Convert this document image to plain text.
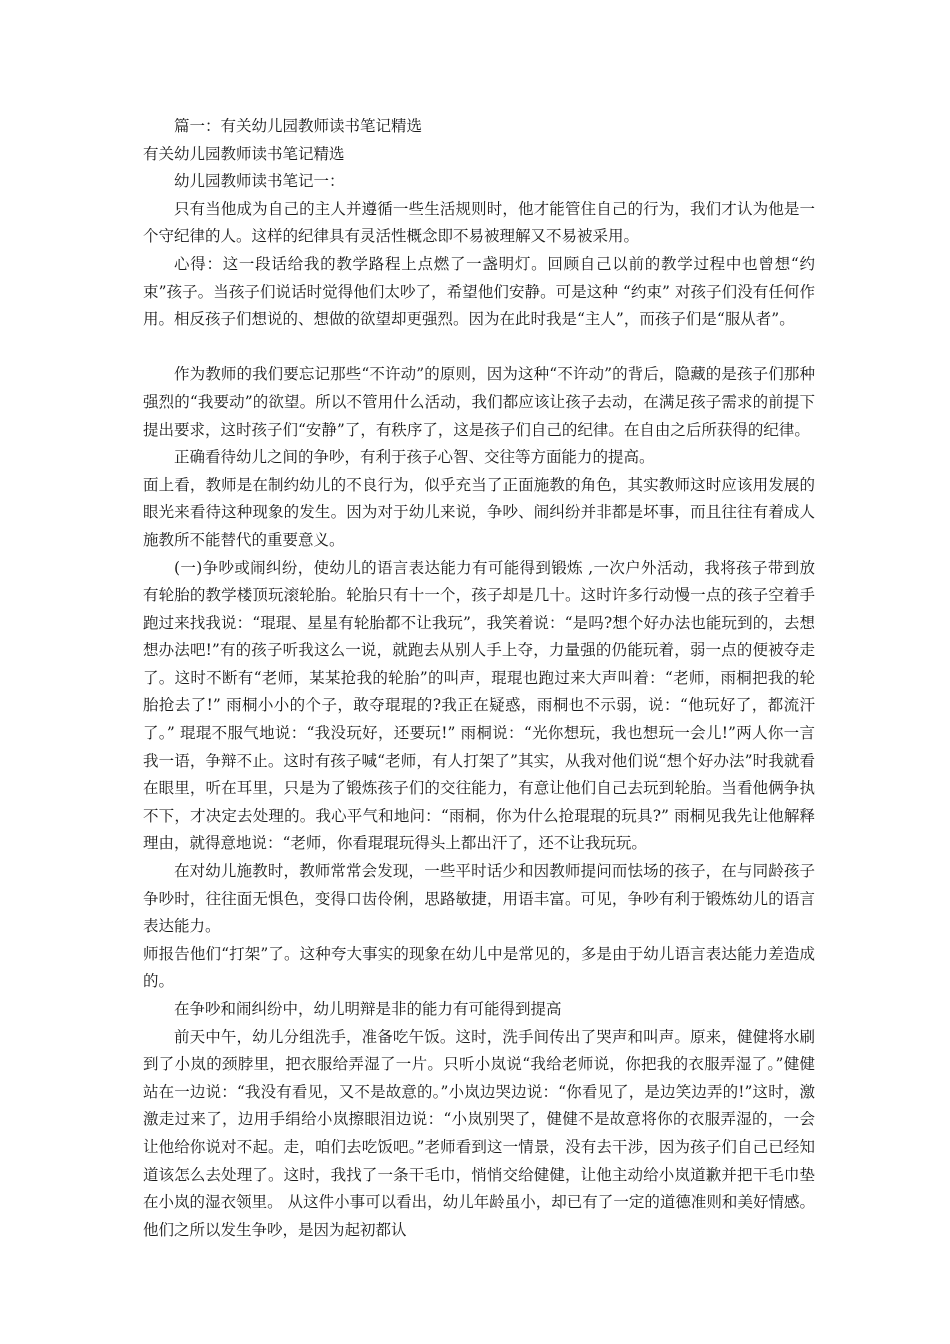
篇一：有关幼儿园教师读书笔记精选

有关幼儿园教师读书笔记精选

幼儿园教师读书笔记一：

只有当他成为自己的主人并遵循一些生活规则时，他才能管住自己的行为，我们才认为他是一个守纪律的人。这样的纪律具有灵活性概念即不易被理解又不易被采用。

心得：这一段话给我的教学路程上点燃了一盏明灯。回顾自己以前的教学过程中也曾想“约束”孩子。当孩子们说话时觉得他们太吵了，希望他们安静。可是这种 “约束” 对孩子们没有任何作用。相反孩子们想说的、想做的欲望却更强烈。因为在此时我是“主人”，而孩子们是“服从者”。

作为教师的我们要忘记那些“不许动”的原则，因为这种“不许动”的背后，隐藏的是孩子们那种强烈的“我要动”的欲望。所以不管用什么活动，我们都应该让孩子去动，在满足孩子需求的前提下提出要求，这时孩子们“安静”了，有秩序了，这是孩子们自己的纪律。在自由之后所获得的纪律。

正确看待幼儿之间的争吵，有利于孩子心智、交往等方面能力的提高。

面上看，教师是在制约幼儿的不良行为，似乎充当了正面施教的角色，其实教师这时应该用发展的眼光来看待这种现象的发生。因为对于幼儿来说，争吵、闹纠纷并非都是坏事，而且往往有着成人施教所不能替代的重要意义。

(一)争吵或闹纠纷，使幼儿的语言表达能力有可能得到锻炼 ,一次户外活动，我将孩子带到放有轮胎的教学楼顶玩滚轮胎。轮胎只有十一个，孩子却是几十。这时许多行动慢一点的孩子空着手跑过来找我说：“琨琨、星星有轮胎都不让我玩”，我笑着说：“是吗?想个好办法也能玩到的，去想想办法吧!”有的孩子听我这么一说，就跑去从别人手上夺，力量强的仍能玩着，弱一点的便被夺走了。这时不断有“老师，某某抢我的轮胎”的叫声，琨琨也跑过来大声叫着：“老师，雨桐把我的轮胎抢去了!” 雨桐小小的个子，敢夺琨琨的?我正在疑惑，雨桐也不示弱，说：“他玩好了，都流汗了。” 琨琨不服气地说：“我没玩好，还要玩!” 雨桐说：“光你想玩，我也想玩一会儿!”两人你一言我一语，争辩不止。这时有孩子喊“老师，有人打架了”其实，从我对他们说“想个好办法”时我就看在眼里，听在耳里，只是为了锻炼孩子们的交往能力，有意让他们自己去玩到轮胎。当看他俩争执不下，才决定去处理的。我心平气和地问：“雨桐，你为什么抢琨琨的玩具?” 雨桐见我先让他解释理由，就得意地说：“老师，你看琨琨玩得头上都出汗了，还不让我玩玩。

在对幼儿施教时，教师常常会发现，一些平时话少和因教师提问而怯场的孩子，在与同龄孩子争吵时，往往面无惧色，变得口齿伶俐，思路敏捷，用语丰富。可见，争吵有利于锻炼幼儿的语言表达能力。

师报告他们“打架”了。这种夸大事实的现象在幼儿中是常见的，多是由于幼儿语言表达能力差造成的。

在争吵和闹纠纷中，幼儿明辩是非的能力有可能得到提高

前天中午，幼儿分组洗手，准备吃午饭。这时，洗手间传出了哭声和叫声。原来，健健将水刷到了小岚的颈脖里，把衣服给弄湿了一片。只听小岚说“我给老师说，你把我的衣服弄湿了。”健健站在一边说：“我没有看见，又不是故意的。”小岚边哭边说：“你看见了，是边笑边弄的!”这时，激激走过来了，边用手绢给小岚擦眼泪边说：“小岚别哭了，健健不是故意将你的衣服弄湿的，一会让他给你说对不起。走，咱们去吃饭吧。”老师看到这一情景，没有去干涉，因为孩子们自己已经知道该怎么去处理了。这时，我找了一条干毛巾，悄悄交给健健，让他主动给小岚道歉并把干毛巾垫在小岚的湿衣领里。 从这件小事可以看出，幼儿年龄虽小，却已有了一定的道德准则和美好情感。他们之所以发生争吵，是因为起初都认
